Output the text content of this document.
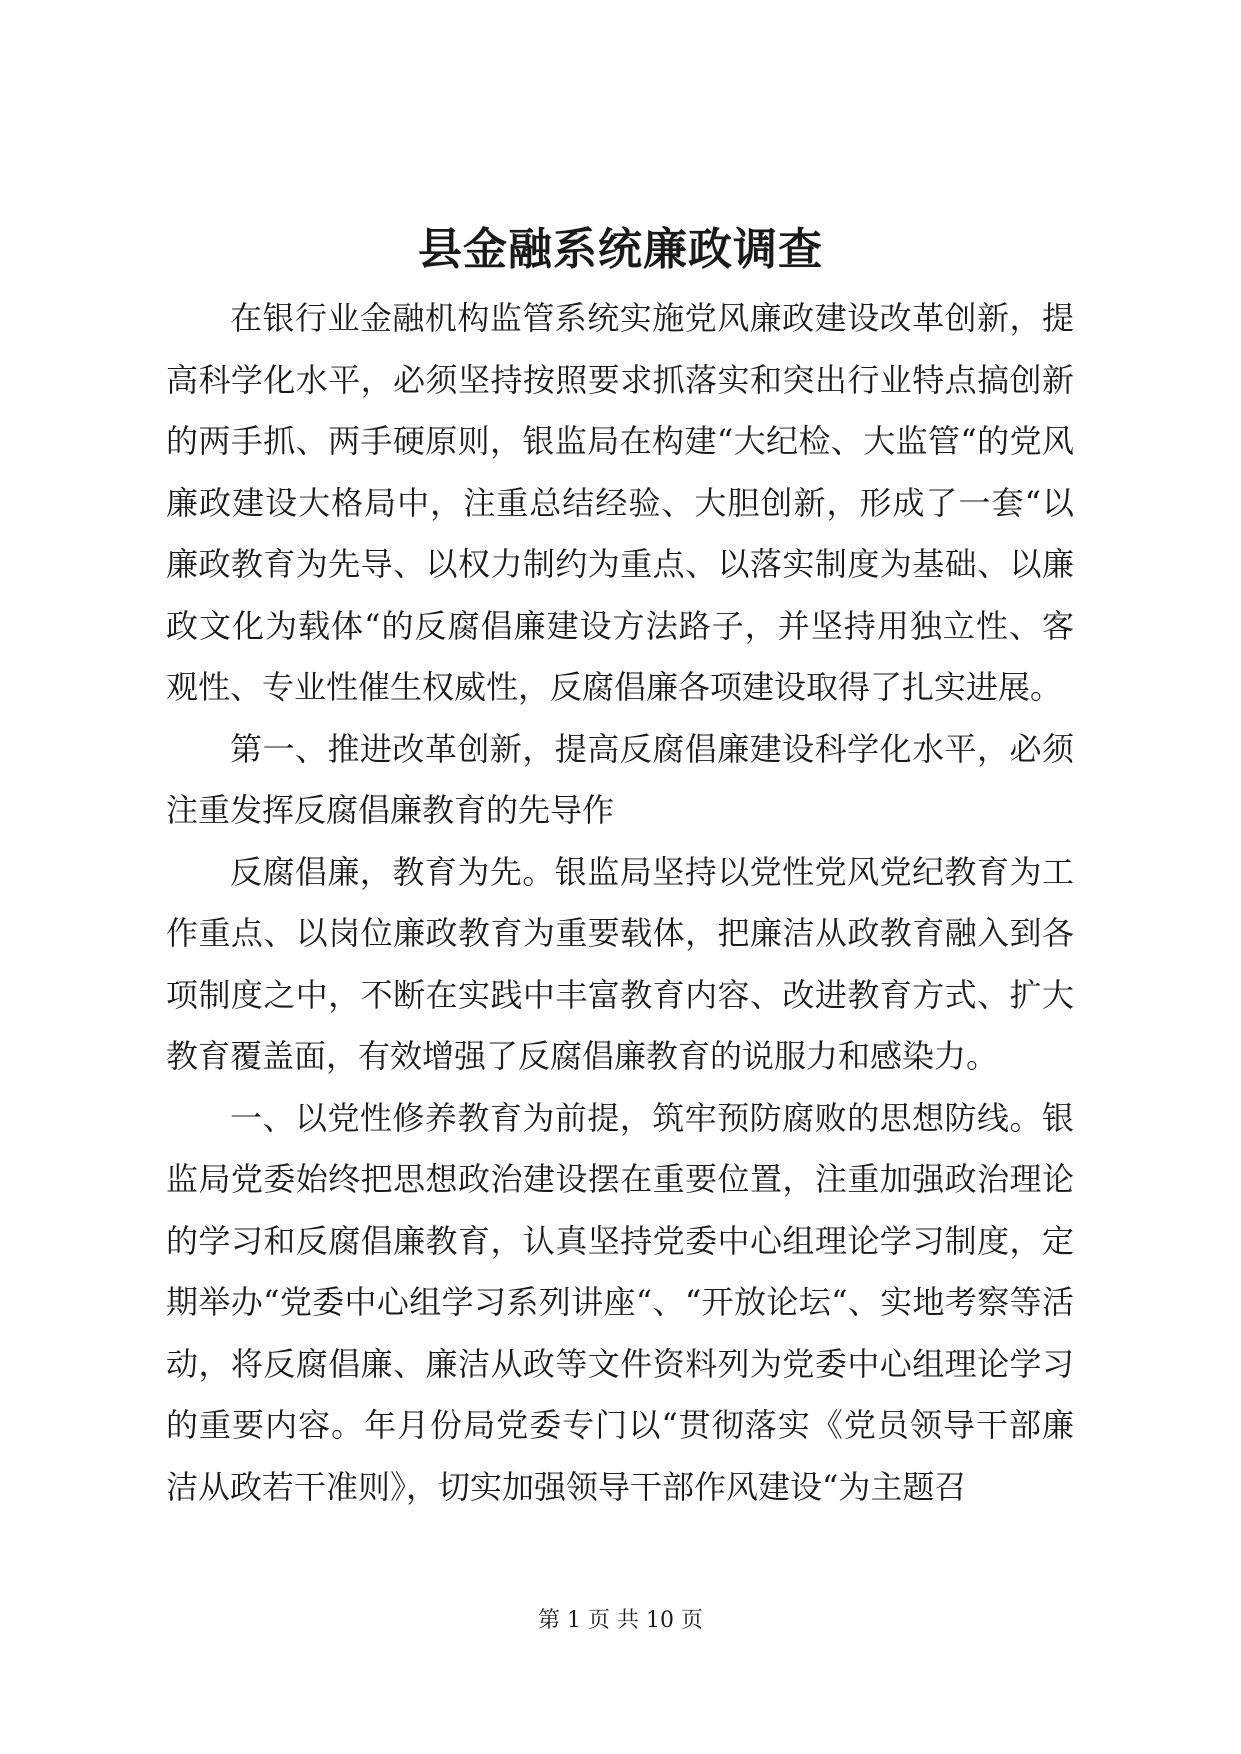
县金融系统廉政调查

在银行业金融机构监管系统实施党风廉政建设改革创新，提高科学化水平，必须坚持按照要求抓落实和突出行业特点搞创新的两手抓、两手硬原则，银监局在构建“大纪检、大监管“的党风廉政建设大格局中，注重总结经验、大胆创新，形成了一套“以廉政教育为先导、以权力制约为重点、以落实制度为基础、以廉政文化为载体“的反腐倡廉建设方法路子，并坚持用独立性、客观性、专业性催生权威性，反腐倡廉各项建设取得了扎实进展。

第一、推进改革创新，提高反腐倡廉建设科学化水平，必须注重发挥反腐倡廉教育的先导作

反腐倡廉，教育为先。银监局坚持以党性党风党纪教育为工作重点、以岗位廉政教育为重要载体，把廉洁从政教育融入到各项制度之中，不断在实践中丰富教育内容、改进教育方式、扩大教育覆盖面，有效增强了反腐倡廉教育的说服力和感染力。

一、以党性修养教育为前提，筑牢预防腐败的思想防线。银监局党委始终把思想政治建设摆在重要位置，注重加强政治理论的学习和反腐倡廉教育，认真坚持党委中心组理论学习制度，定期举办“党委中心组学习系列讲座“、“开放论坛“、实地考察等活动，将反腐倡廉、廉洁从政等文件资料列为党委中心组理论学习的重要内容。年月份局党委专门以“贯彻落实《党员领导干部廉洁从政若干准则》，切实加强领导干部作风建设“为主题召

第 1 页 共 10 页
